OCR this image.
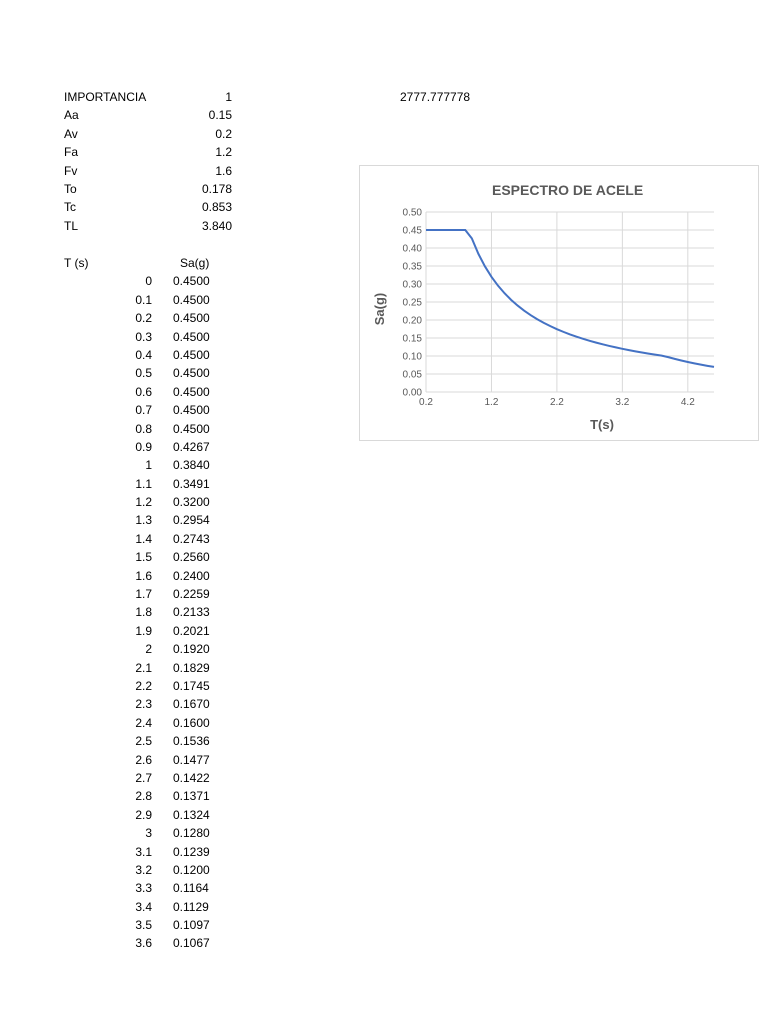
IMPORTANCIA	1
Aa	0.15
Av	0.2
Fa	1.2
Fv	1.6
To	0.178
Tc	0.853
TL	3.840
2777.777778
T (s)	Sa(g)
0 0.4500
0.1 0.4500
0.2 0.4500
0.3 0.4500
0.4 0.4500
0.5 0.4500
0.6 0.4500
0.7 0.4500
0.8 0.4500
0.9 0.4267
1 0.3840
1.1 0.3491
1.2 0.3200
1.3 0.2954
1.4 0.2743
1.5 0.2560
1.6 0.2400
1.7 0.2259
1.8 0.2133
1.9 0.2021
2 0.1920
2.1 0.1829
2.2 0.1745
2.3 0.1670
2.4 0.1600
2.5 0.1536
2.6 0.1477
2.7 0.1422
2.8 0.1371
2.9 0.1324
3 0.1280
3.1 0.1239
3.2 0.1200
3.3 0.1164
3.4 0.1129
3.5 0.1097
3.6 0.1067
ESPECTRO DE ACELE
0.00
0.05
0.10
0.15
0.20
0.25
0.30
0.35
0.40
0.45
0.50
0.2	1.2	2.2	3.2	4.2
Sa(g)
T(s)
